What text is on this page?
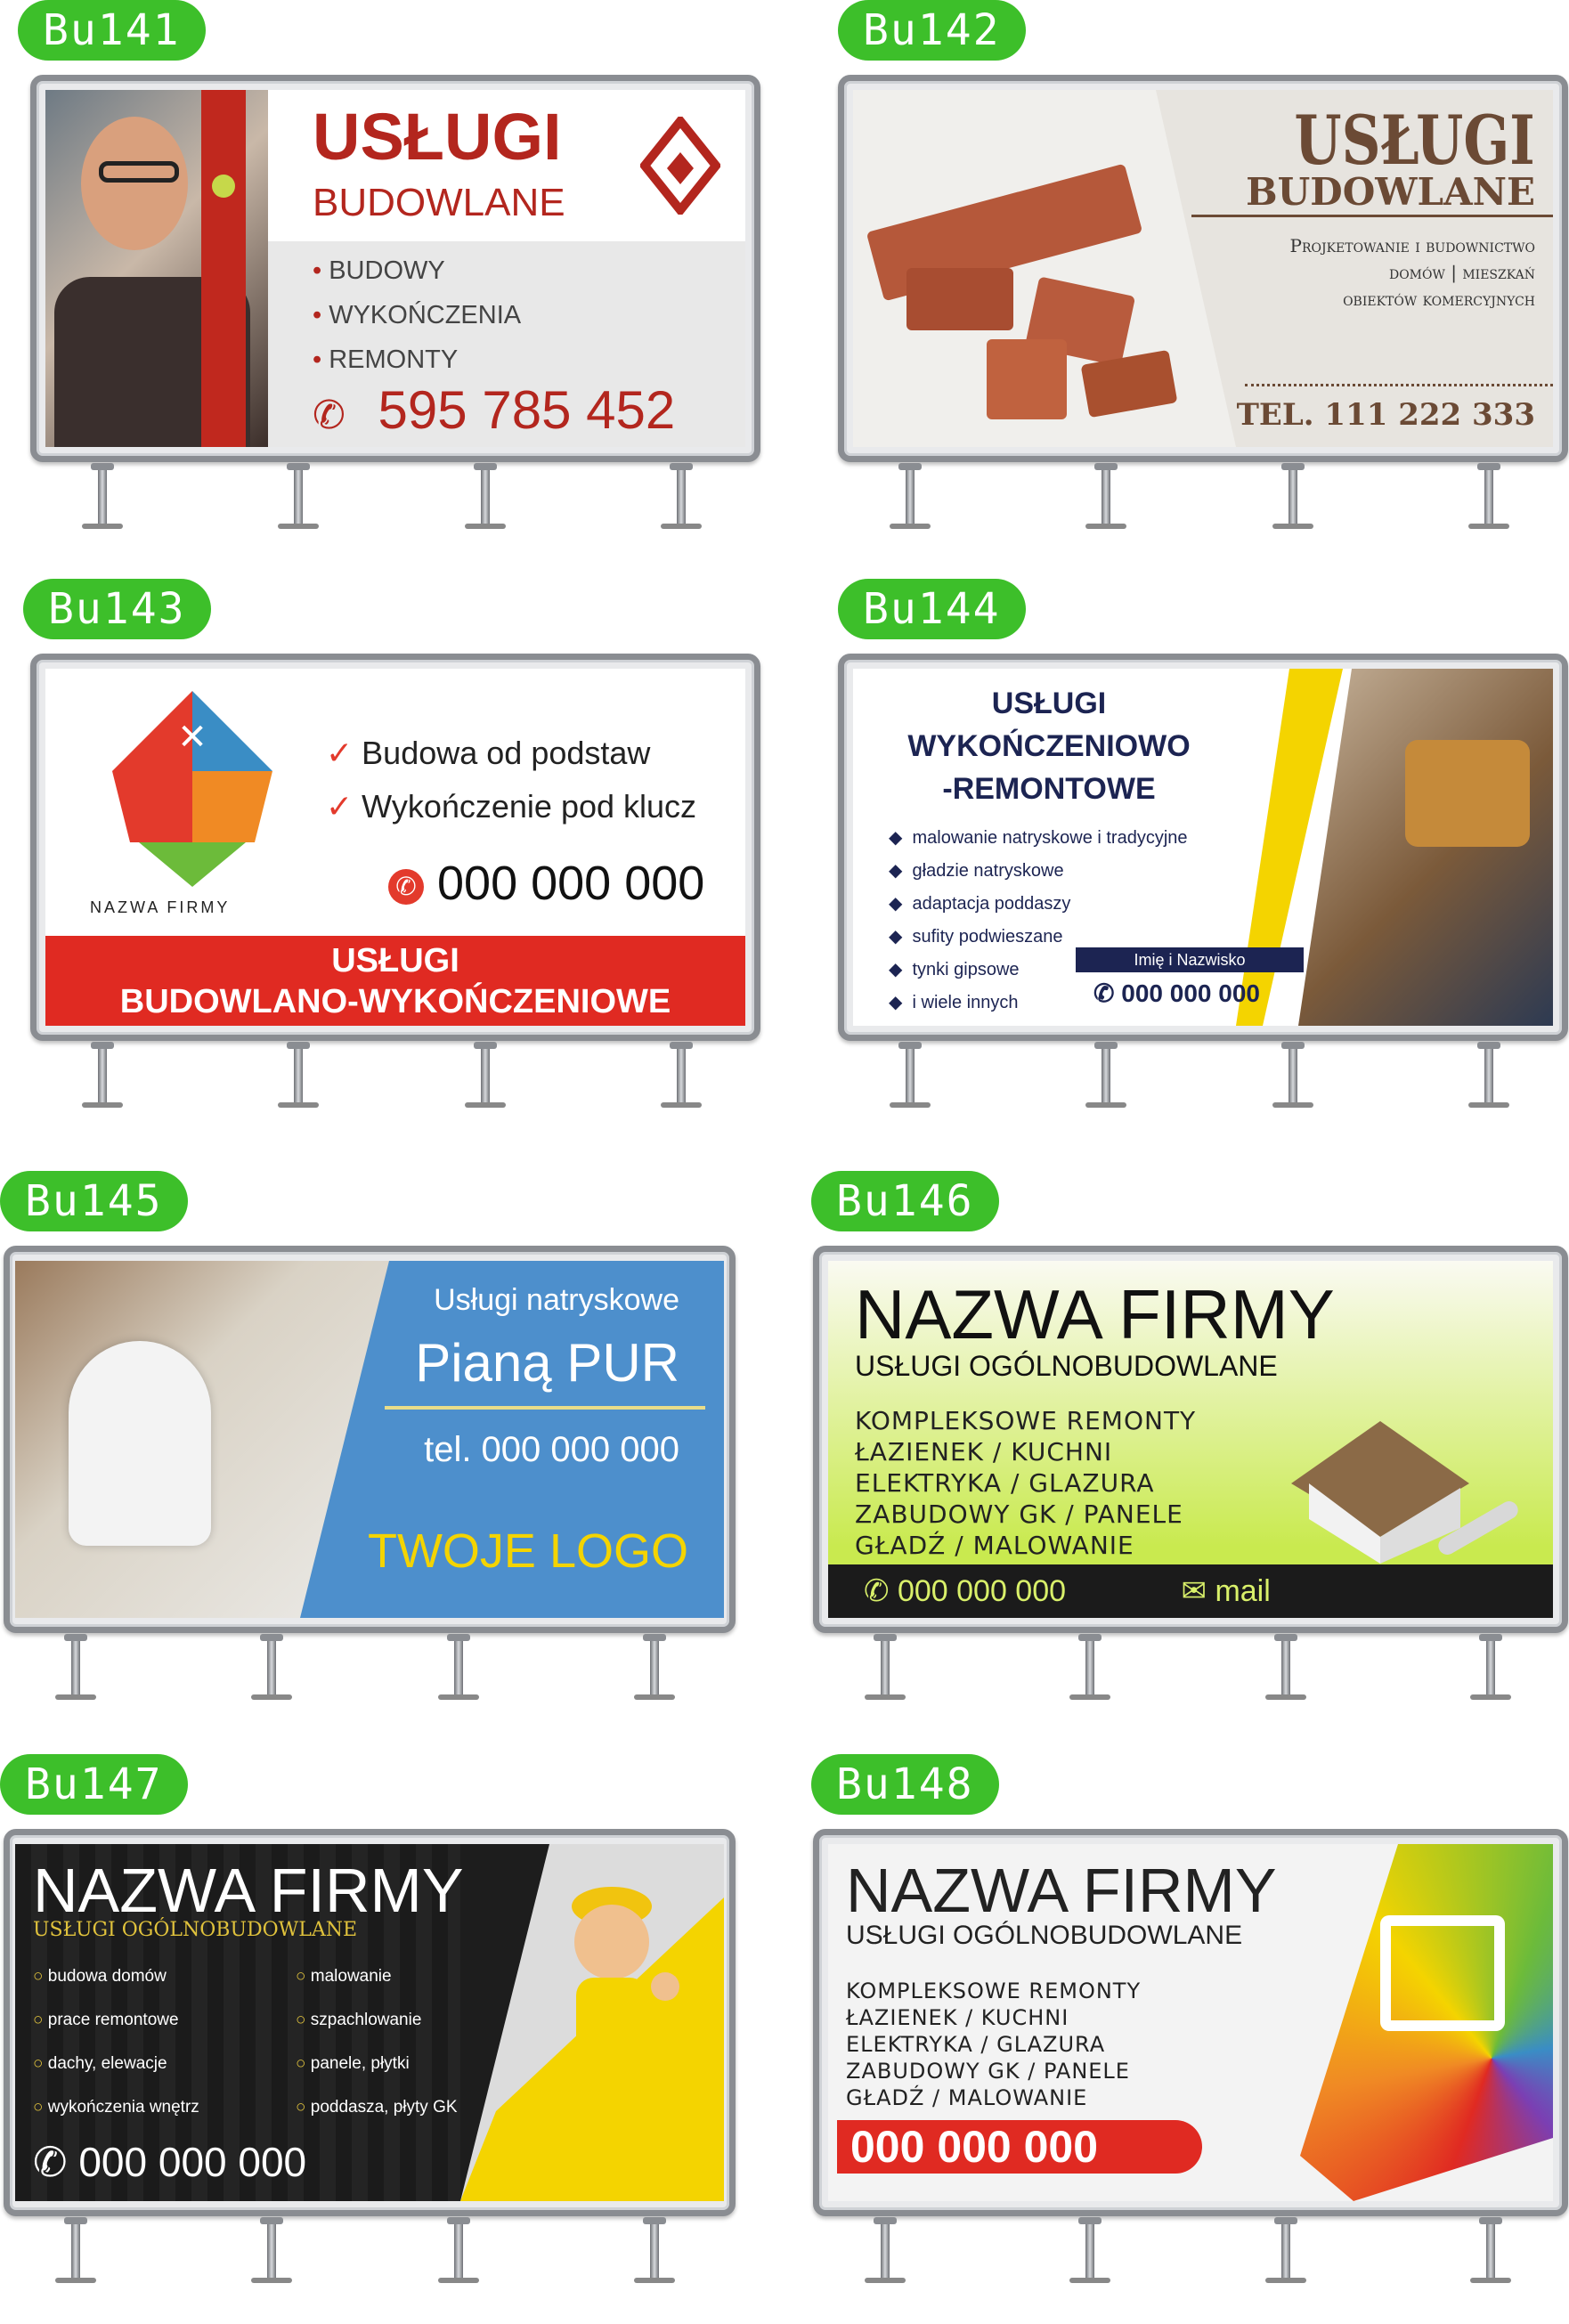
Bu141
USŁUGI
BUDOWLANE
• BUDOWY
• WYKOŃCZENIA
• REMONTY
✆ 595 785 452
Bu142
USŁUGI
BUDOWLANE
Projketowanie i budownictwo
domów | mieszkań
obiektów komercyjnych
TEL. 111 222 333
Bu143
✕
NAZWA FIRMY
✓ Budowa od podstaw
✓ Wykończenie pod klucz
✆ 000 000 000
USŁUGI
BUDOWLANO-WYKOŃCZENIOWE
Bu144
USŁUGI
WYKOŃCZENIOWO
-REMONTOWE
◆  malowanie natryskowe i tradycyjne
◆  gładzie natryskowe
◆  adaptacja poddaszy
◆  sufity podwieszane
◆  tynki gipsowe
◆  i wiele innych
Imię i Nazwisko
✆ 000 000 000
Bu145
Usługi natryskowe
Pianą PUR
tel. 000 000 000
TWOJE LOGO
Bu146
NAZWA FIRMY
USŁUGI OGÓLNOBUDOWLANE
KOMPLEKSOWE REMONTY
ŁAZIENEK / KUCHNI
ELEKTRYKA / GLAZURA
ZABUDOWY GK / PANELE
GŁADŹ / MALOWANIE
✆ 000 000 000	✉ mail
Bu147
NAZWA FIRMY
USŁUGI OGÓLNOBUDOWLANE
○ budowa domów
○ prace remontowe
○ dachy, elewacje
○ wykończenia wnętrz
○ malowanie
○ szpachlowanie
○ panele, płytki
○ poddasza, płyty GK
✆ 000 000 000
Bu148
NAZWA FIRMY
USŁUGI OGÓLNOBUDOWLANE
KOMPLEKSOWE REMONTY
ŁAZIENEK / KUCHNI
ELEKTRYKA / GLAZURA
ZABUDOWY GK / PANELE
GŁADŹ / MALOWANIE
000 000 000
